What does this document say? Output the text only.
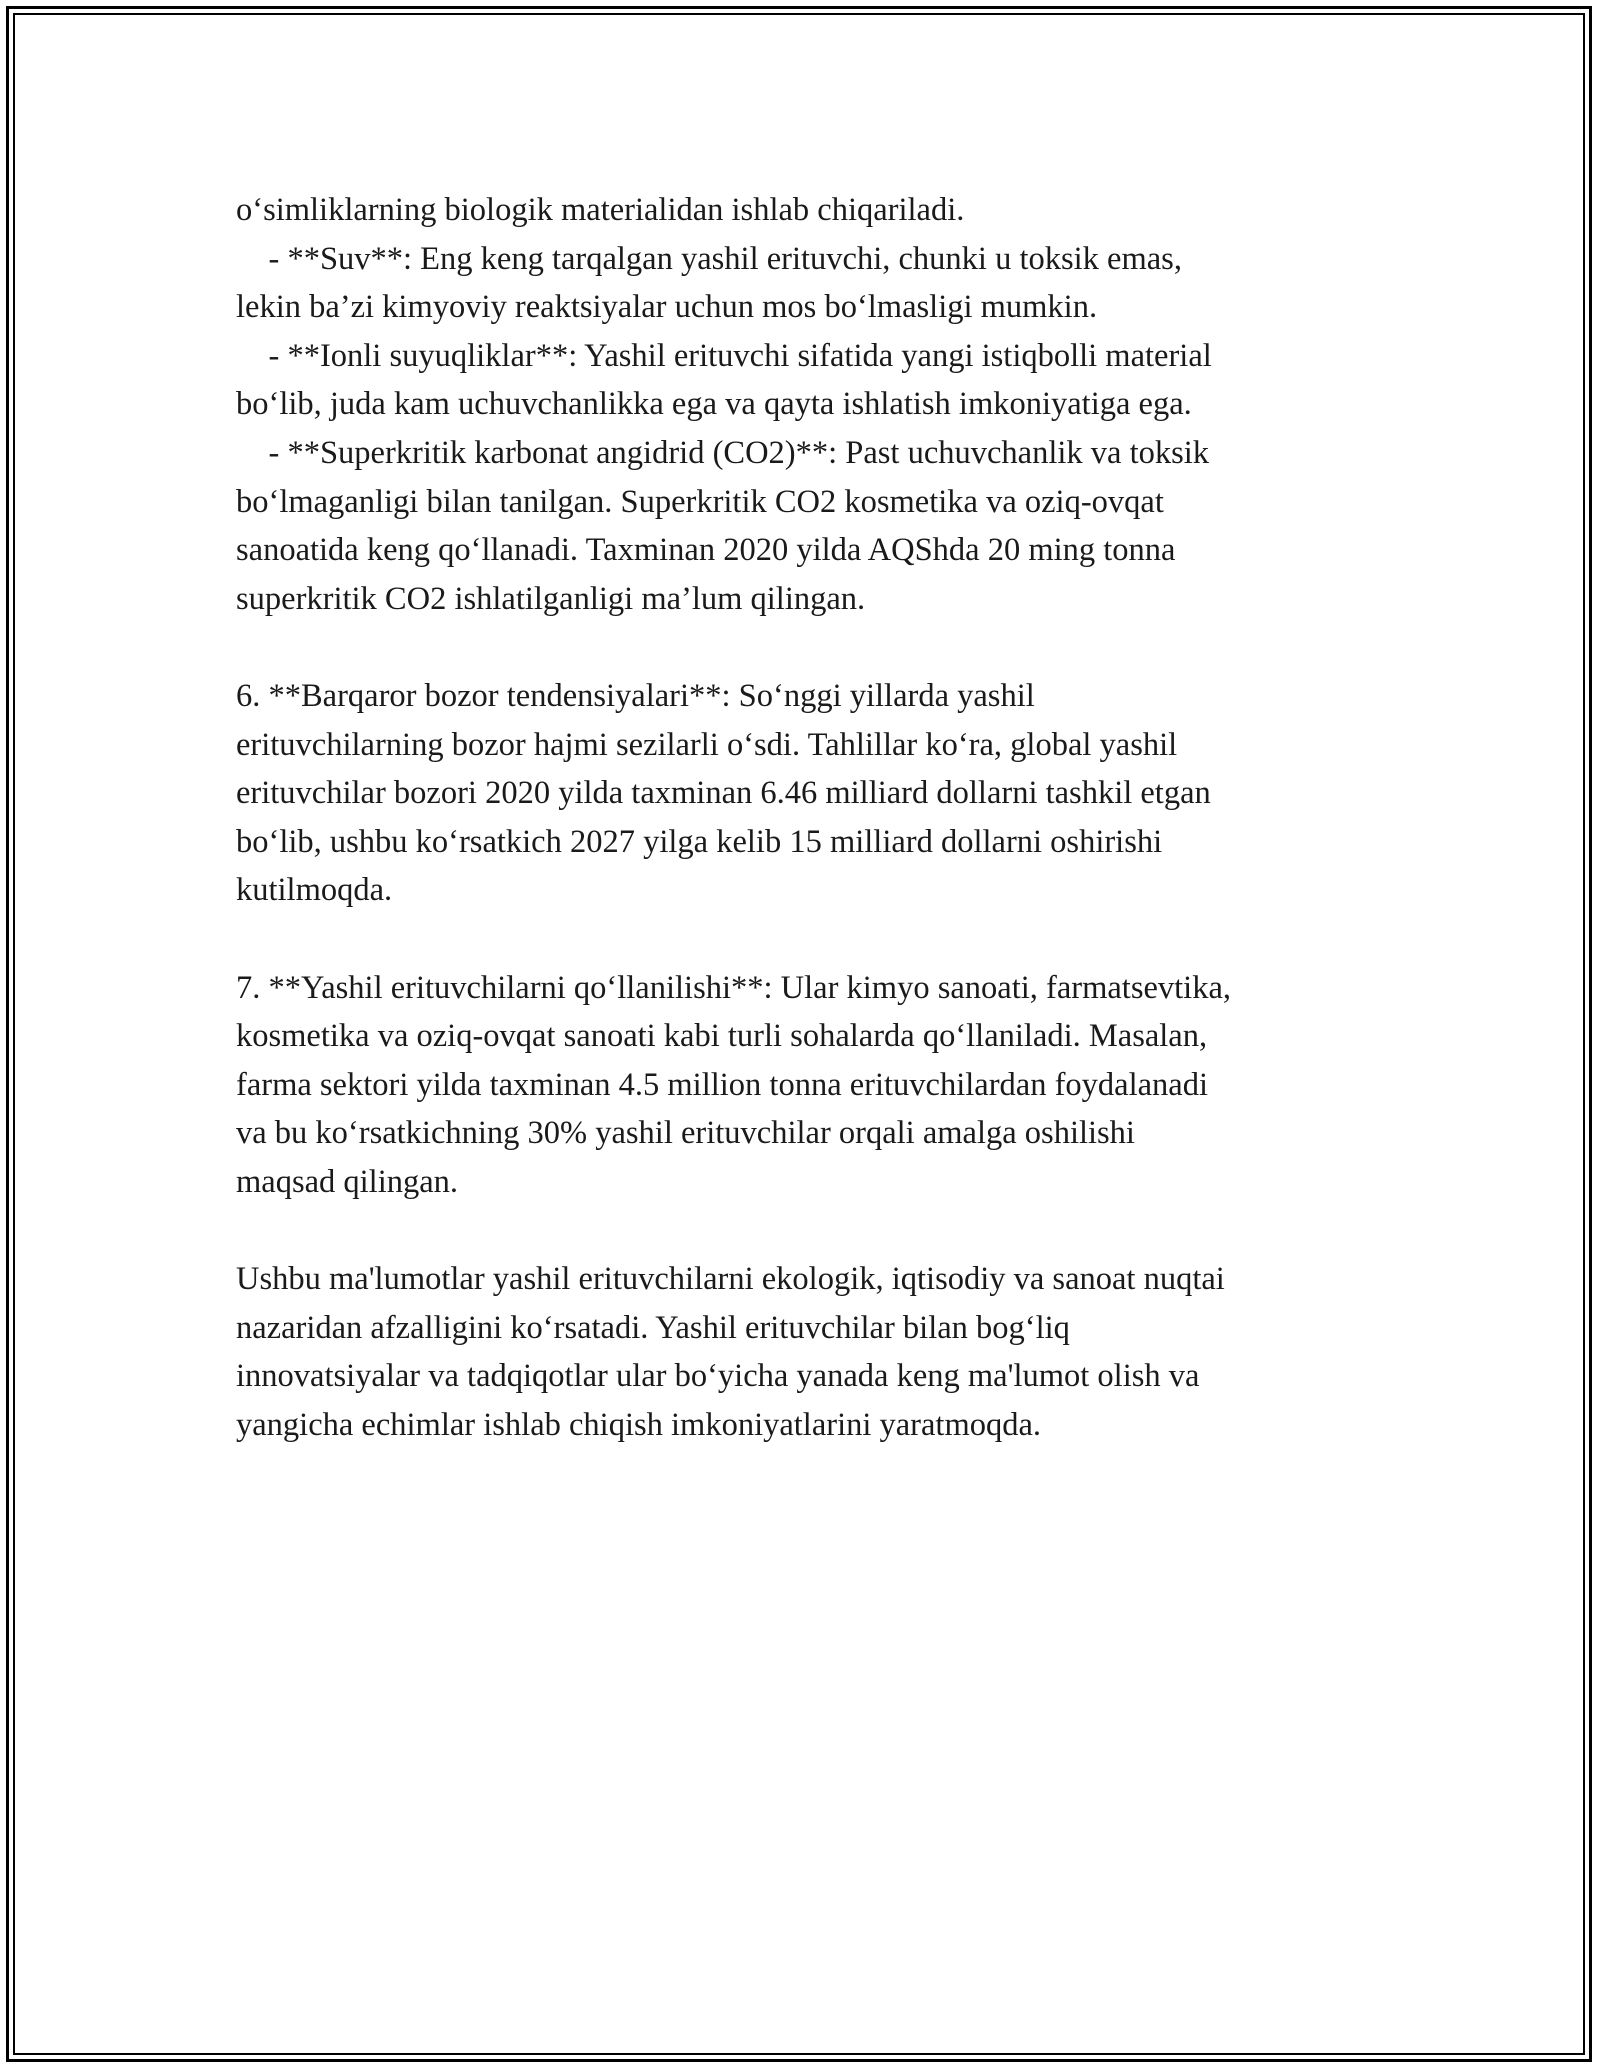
o‘simliklarning biologik materialidan ishlab chiqariladi.
- **Suv**: Eng keng tarqalgan yashil erituvchi, chunki u toksik emas,
lekin ba’zi kimyoviy reaktsiyalar uchun mos bo‘lmasligi mumkin.
- **Ionli suyuqliklar**: Yashil erituvchi sifatida yangi istiqbolli material
bo‘lib, juda kam uchuvchanlikka ega va qayta ishlatish imkoniyatiga ega.
- **Superkritik karbonat angidrid (CO2)**: Past uchuvchanlik va toksik
bo‘lmaganligi bilan tanilgan. Superkritik CO2 kosmetika va oziq-ovqat
sanoatida keng qo‘llanadi. Taxminan 2020 yilda AQShda 20 ming tonna
superkritik CO2 ishlatilganligi ma’lum qilingan.
6. **Barqaror bozor tendensiyalari**: So‘nggi yillarda yashil
erituvchilarning bozor hajmi sezilarli o‘sdi. Tahlillar ko‘ra, global yashil
erituvchilar bozori 2020 yilda taxminan 6.46 milliard dollarni tashkil etgan
bo‘lib, ushbu ko‘rsatkich 2027 yilga kelib 15 milliard dollarni oshirishi
kutilmoqda.
7. **Yashil erituvchilarni qo‘llanilishi**: Ular kimyo sanoati, farmatsevtika,
kosmetika va oziq-ovqat sanoati kabi turli sohalarda qo‘llaniladi. Masalan,
farma sektori yilda taxminan 4.5 million tonna erituvchilardan foydalanadi
va bu ko‘rsatkichning 30% yashil erituvchilar orqali amalga oshilishi
maqsad qilingan.
Ushbu ma'lumotlar yashil erituvchilarni ekologik, iqtisodiy va sanoat nuqtai
nazaridan afzalligini ko‘rsatadi. Yashil erituvchilar bilan bog‘liq
innovatsiyalar va tadqiqotlar ular bo‘yicha yanada keng ma'lumot olish va
yangicha echimlar ishlab chiqish imkoniyatlarini yaratmoqda.
